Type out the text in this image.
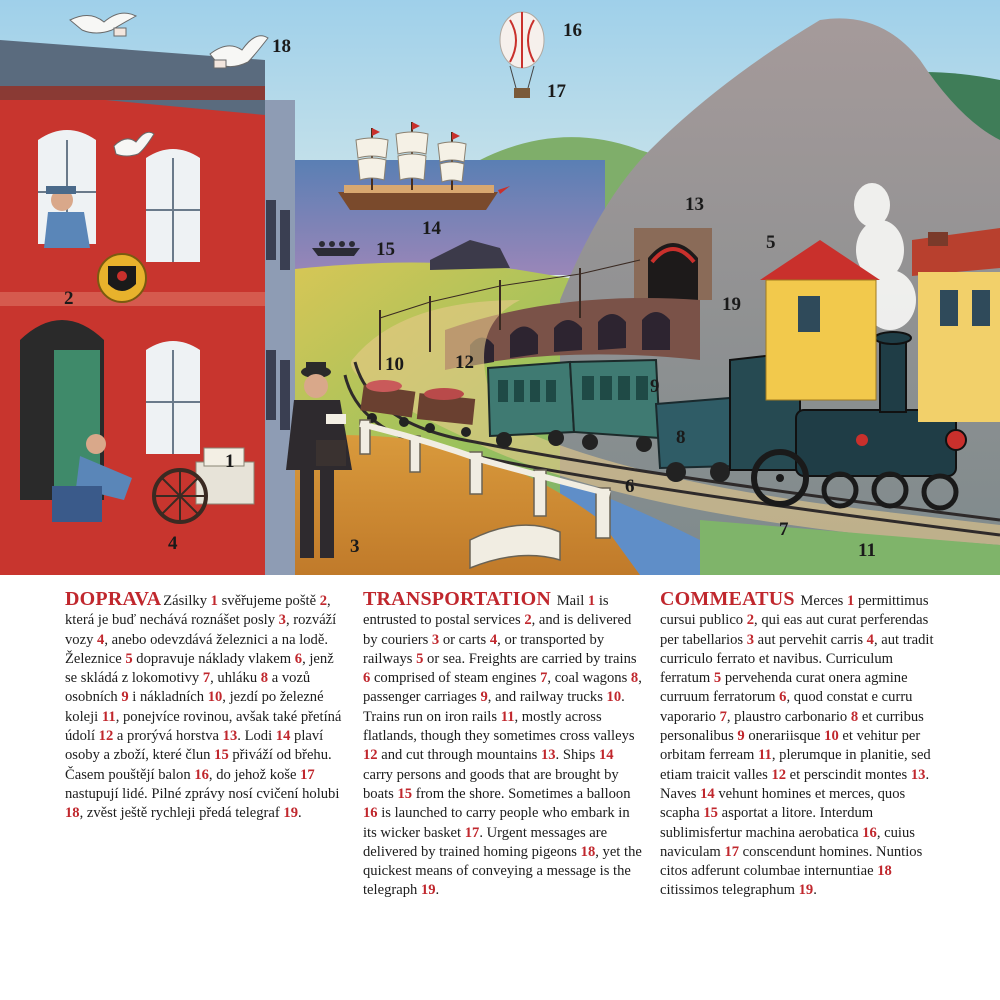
1
2
3
4
5
6
7
8
9
10
11
12
13
14
15
16
17
18
19
DOPRAVA Zásilky 1 svěřujeme poště 2, která je buď nechává roznášet posly 3, rozváží vozy 4, anebo odevzdává železnici a na lodě. Železnice 5 dopravuje náklady vlakem 6, jenž se skládá z lokomotivy 7, uhláku 8 a vozů osobních 9 i nákladních 10, jezdí po železné koleji 11, ponejvíce rovinou, avšak také přetíná údolí 12 a prorývá horstva 13. Lodi 14 plaví osoby a zboží, které člun 15 přiváží od břehu. Časem pouštějí balon 16, do jehož koše 17 nastupují lidé. Pilné zprávy nosí cvičení holubi 18, zvěst ještě rychleji předá telegraf 19.
TRANSPORTATION Mail 1 is entrusted to postal services 2, and is delivered by couriers 3 or carts 4, or transported by railways 5 or sea. Freights are carried by trains 6 comprised of steam engines 7, coal wagons 8, passenger carriages 9, and railway trucks 10. Trains run on iron rails 11, mostly across flatlands, though they sometimes cross valleys 12 and cut through mountains 13. Ships 14 carry persons and goods that are brought by boats 15 from the shore. Sometimes a balloon 16 is launched to carry people who embark in its wicker basket 17. Urgent messages are delivered by trained homing pigeons 18, yet the quickest means of conveying a message is the telegraph 19.
COMMEATUS Merces 1 permittimus cursui publico 2, qui eas aut curat perferendas per tabellarios 3 aut pervehit carris 4, aut tradit curriculo ferrato et navibus. Curriculum ferratum 5 pervehenda curat onera agmine curruum ferratorum 6, quod constat e curru vaporario 7, plaustro carbonario 8 et curribus personalibus 9 onerariisque 10 et vehitur per orbitam ferream 11, plerumque in planitie, sed etiam traicit valles 12 et perscindit montes 13. Naves 14 vehunt homines et merces, quos scapha 15 asportat a litore. Interdum sublimisfertur machina aerobatica 16, cuius naviculam 17 conscendunt homines. Nuntios citos adferunt columbae internuntiae 18 citissimos telegraphum 19.
